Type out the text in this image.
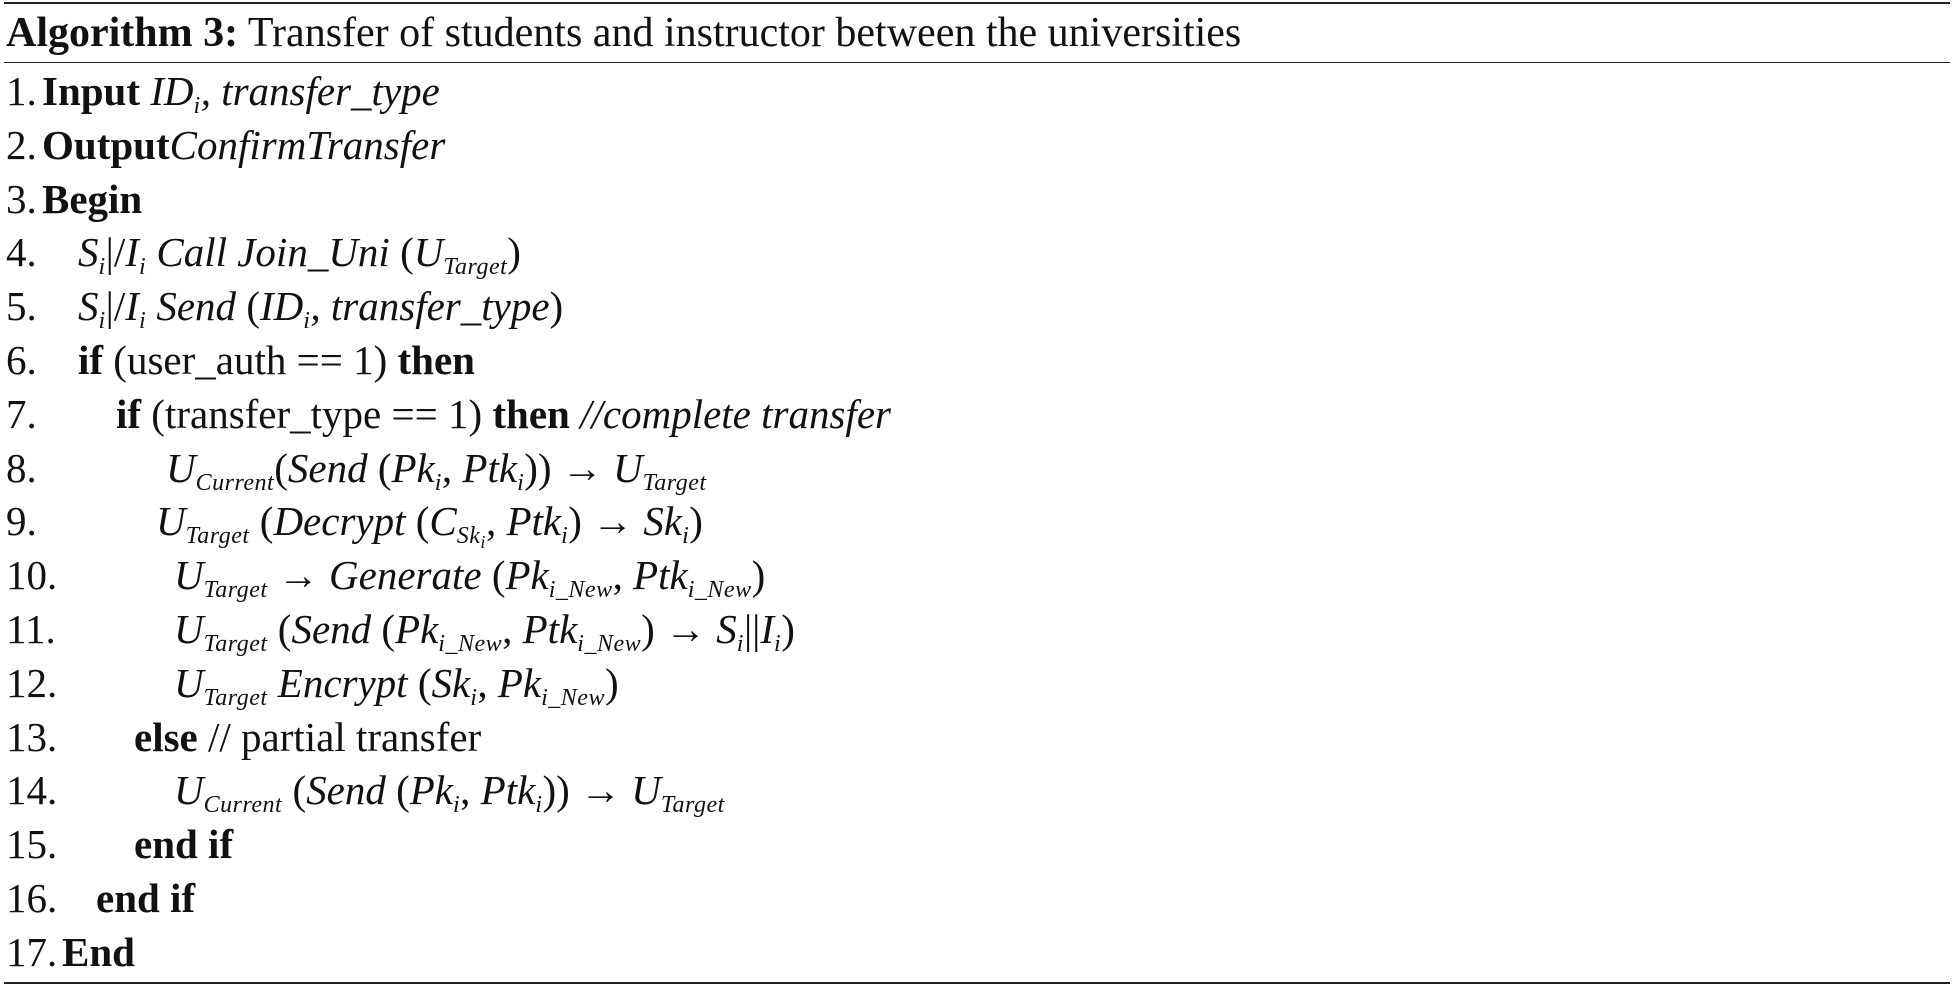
Algorithm 3: Transfer of students and instructor between the universities
1. Input $ID_i$, transfer_type
2. OutputConfirmTransfer
3. Begin
4. $S_i|/I_i$ Call Join_Uni $(U_{Target})$
5. $S_i|/I_i$ Send ($ID_i$, transfer_type)
6. if (user_auth == 1) then
7. if (transfer_type == 1) then //complete transfer
8.	$U_{Current}(Send$ ($Pk_i$, $Ptk_i)) \to U_{Target}$
9.	$U_{Target}$ (Decrypt ($C_{Sk_i}$, $Ptk_i) \to Sk_i$)
10.	$U_{Target}$ → Generate ($Pk_{i\_New}$, Ptk$_{i\_New}$)
11.	$U_{Target}$ (Send ($Pk_{i\_New}$, $Ptk_{i\_New}) \to S_i||I_i$)
12.	$U_{Target}$ Encrypt ($Sk_i$, $Pk_{i\_New}$)
13. else // partial transfer
14.	$U_{Current}$ (Send ($Pk_i$, $Ptk_i)) \to U_{Target}$
15. end if
16. end if
17. End
